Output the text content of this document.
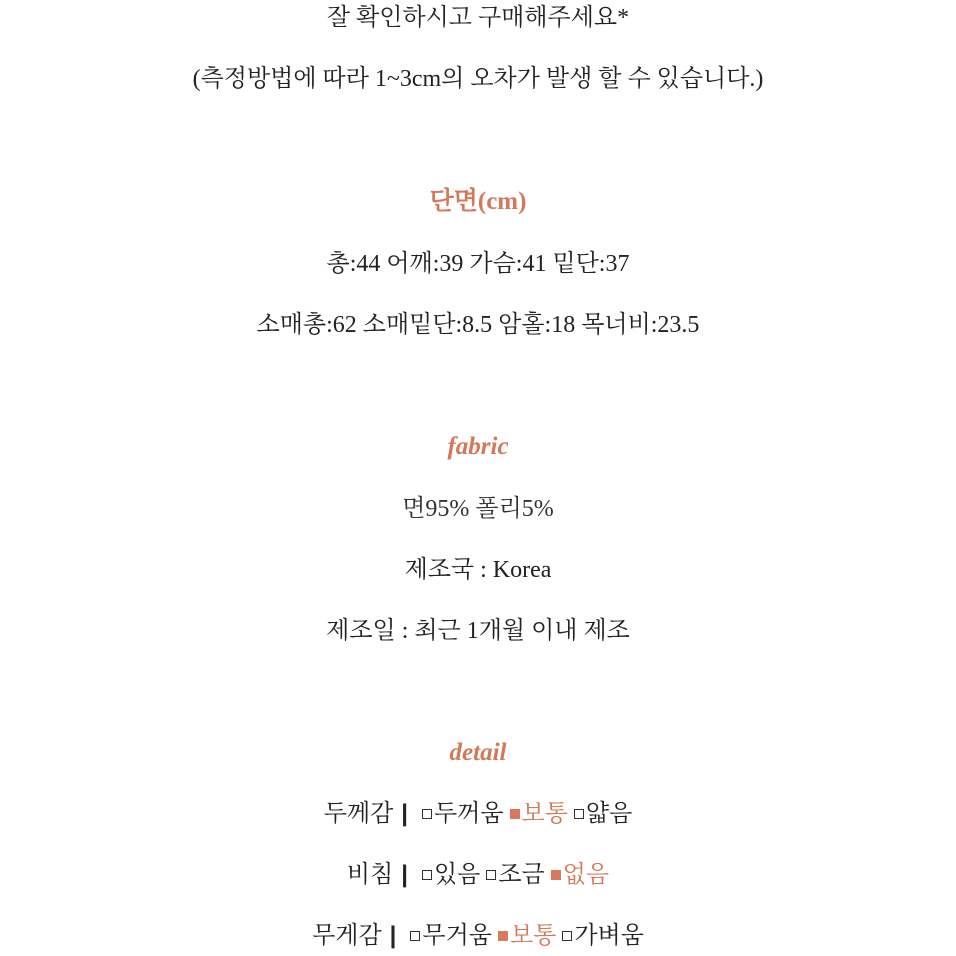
잘 확인하시고 구매해주세요*
(측정방법에 따라 1~3cm의 오차가 발생 할 수 있습니다.)
단면(cm)
총:44 어깨:39 가슴:41 밑단:37
소매총:62 소매밑단:8.5 암홀:18 목너비:23.5
fabric
면95% 폴리5%
제조국 : Korea
제조일 : 최근 1개월 이내 제조
detail
두께감 | 두꺼움 보통 얇음
비침 | 있음 조금 없음
무게감 | 무거움 보통 가벼움
